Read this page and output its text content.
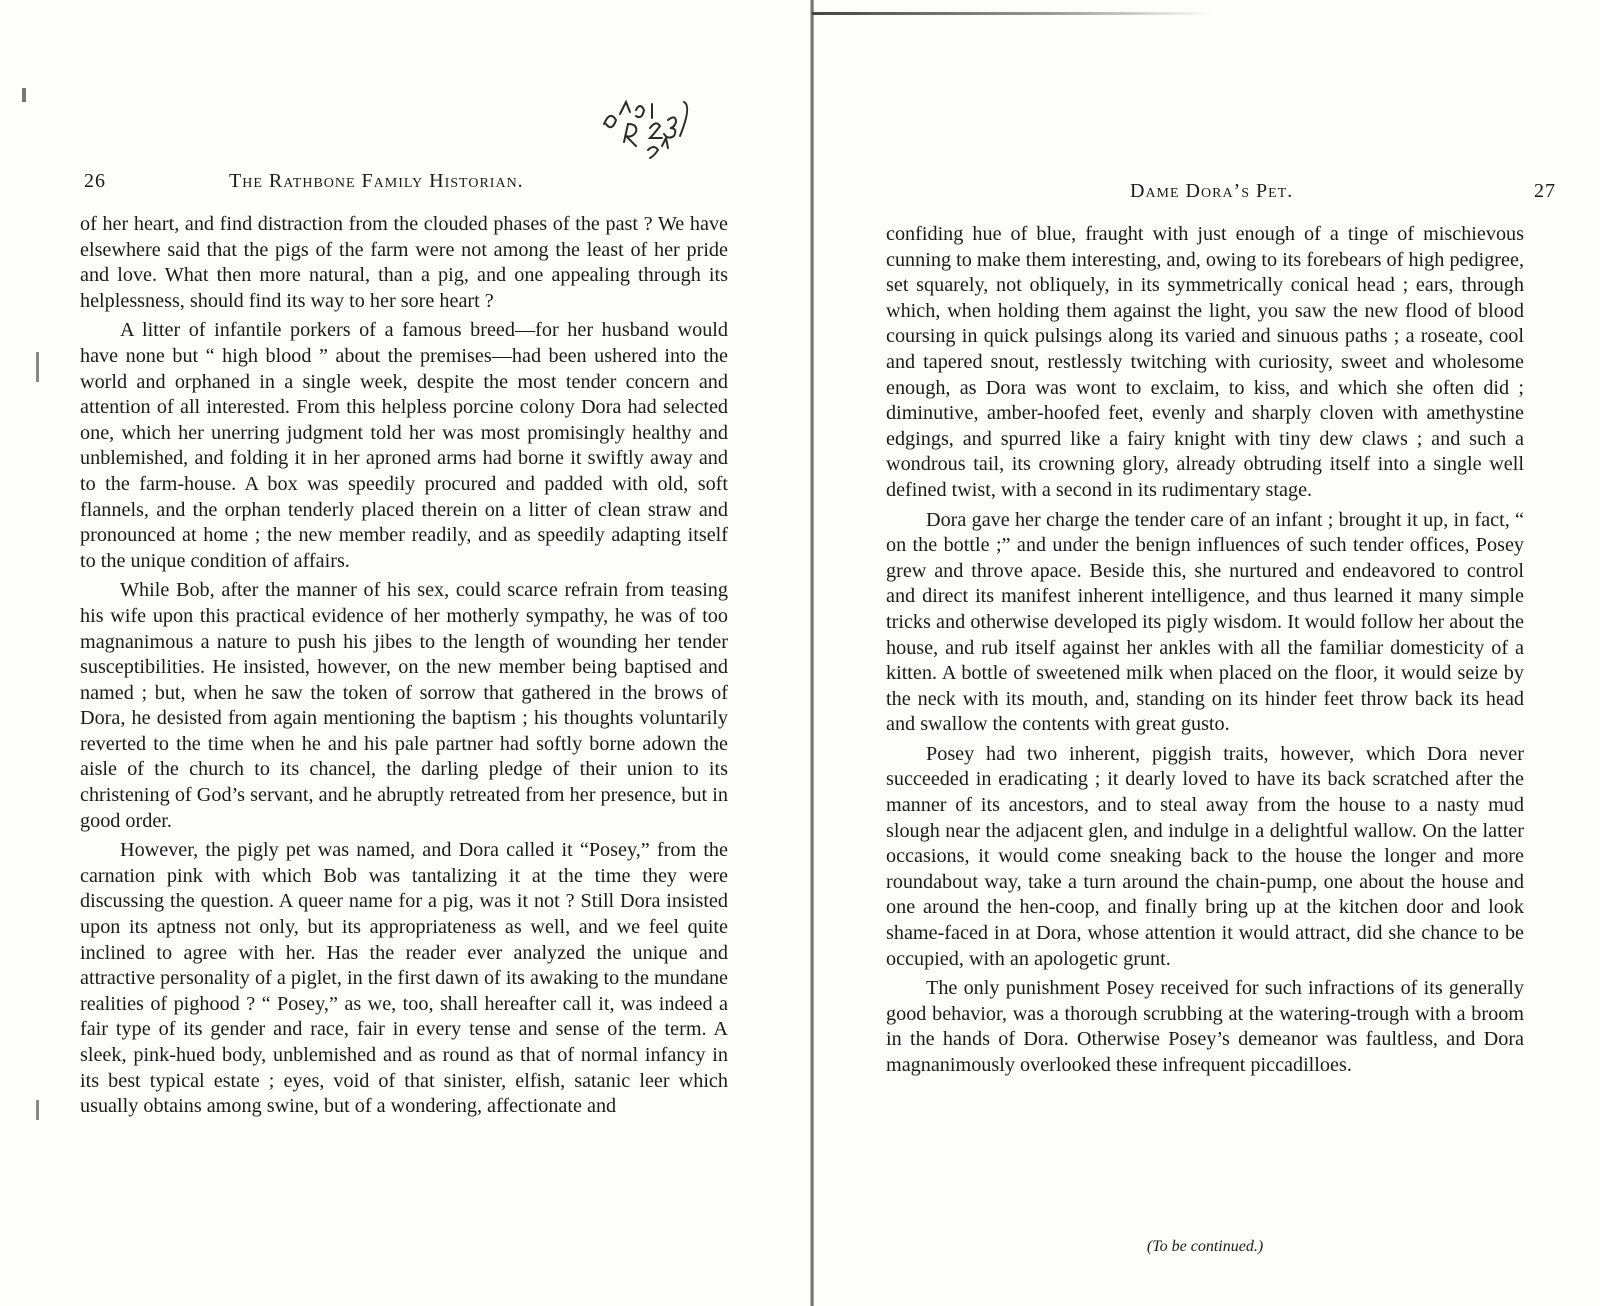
26	The Rathbone Family Historian.

of her heart, and find distraction from the clouded phases of the past ? We have elsewhere said that the pigs of the farm were not among the least of her pride and love. What then more natural, than a pig, and one appealing through its helplessness, should find its way to her sore heart ?

A litter of infantile porkers of a famous breed—for her husband would have none but “ high blood ” about the premises—had been ushered into the world and orphaned in a single week, despite the most tender concern and attention of all interested. From this helpless porcine colony Dora had selected one, which her unerring judgment told her was most promisingly healthy and unblemished, and folding it in her aproned arms had borne it swiftly away and to the farm-house. A box was speedily procured and padded with old, soft flannels, and the orphan tenderly placed therein on a litter of clean straw and pronounced at home ; the new member readily, and as speedily adapting itself to the unique condition of affairs.

While Bob, after the manner of his sex, could scarce refrain from teasing his wife upon this practical evidence of her motherly sympathy, he was of too magnanimous a nature to push his jibes to the length of wounding her tender susceptibilities. He insisted, however, on the new member being baptised and named ; but, when he saw the token of sorrow that gathered in the brows of Dora, he desisted from again mentioning the baptism ; his thoughts voluntarily reverted to the time when he and his pale partner had softly borne adown the aisle of the church to its chancel, the darling pledge of their union to its christening of God’s servant, and he abruptly retreated from her presence, but in good order.

However, the pigly pet was named, and Dora called it “Posey,” from the carnation pink with which Bob was tantalizing it at the time they were discussing the question. A queer name for a pig, was it not ? Still Dora insisted upon its aptness not only, but its appropriateness as well, and we feel quite inclined to agree with her. Has the reader ever analyzed the unique and attractive personality of a piglet, in the first dawn of its awaking to the mundane realities of pighood ? “ Posey,” as we, too, shall hereafter call it, was indeed a fair type of its gender and race, fair in every tense and sense of the term. A sleek, pink-hued body, unblemished and as round as that of normal infancy in its best typical estate ; eyes, void of that sinister, elfish, satanic leer which usually obtains among swine, but of a wondering, affectionate and

Dame Dora’s Pet.	27

confiding hue of blue, fraught with just enough of a tinge of mischievous cunning to make them interesting, and, owing to its forebears of high pedigree, set squarely, not obliquely, in its symmetrically conical head ; ears, through which, when holding them against the light, you saw the new flood of blood coursing in quick pulsings along its varied and sinuous paths ; a roseate, cool and tapered snout, restlessly twitching with curiosity, sweet and wholesome enough, as Dora was wont to exclaim, to kiss, and which she often did ; diminutive, amber-hoofed feet, evenly and sharply cloven with amethystine edgings, and spurred like a fairy knight with tiny dew claws ; and such a wondrous tail, its crowning glory, already obtruding itself into a single well defined twist, with a second in its rudimentary stage.

Dora gave her charge the tender care of an infant ; brought it up, in fact, “ on the bottle ;” and under the benign influences of such tender offices, Posey grew and throve apace. Beside this, she nurtured and endeavored to control and direct its manifest inherent intelligence, and thus learned it many simple tricks and otherwise developed its pigly wisdom. It would follow her about the house, and rub itself against her ankles with all the familiar domesticity of a kitten. A bottle of sweetened milk when placed on the floor, it would seize by the neck with its mouth, and, standing on its hinder feet throw back its head and swallow the contents with great gusto.

Posey had two inherent, piggish traits, however, which Dora never succeeded in eradicating ; it dearly loved to have its back scratched after the manner of its ancestors, and to steal away from the house to a nasty mud slough near the adjacent glen, and indulge in a delightful wallow. On the latter occasions, it would come sneaking back to the house the longer and more roundabout way, take a turn around the chain-pump, one about the house and one around the hen-coop, and finally bring up at the kitchen door and look shame-faced in at Dora, whose attention it would attract, did she chance to be occupied, with an apologetic grunt.

The only punishment Posey received for such infractions of its generally good behavior, was a thorough scrubbing at the watering-trough with a broom in the hands of Dora. Otherwise Posey’s demeanor was faultless, and Dora magnanimously overlooked these infrequent piccadilloes.

(To be continued.)
